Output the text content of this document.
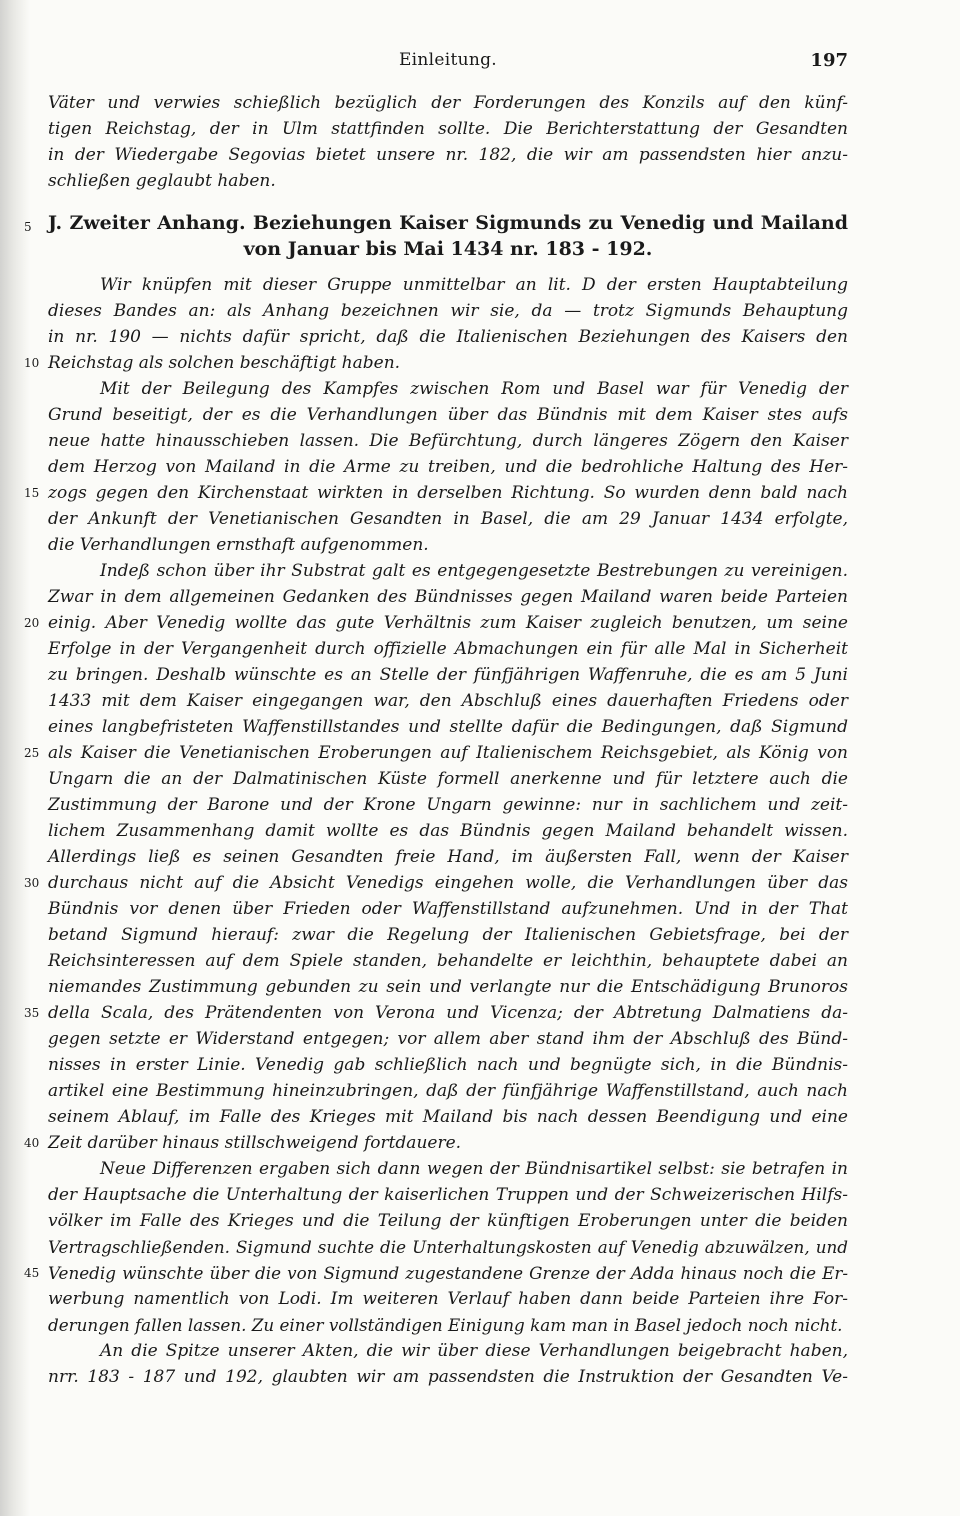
Einleitung.	197
Väter und verwies schießlich bezüglich der Forderungen des Konzils auf den künf-
tigen Reichstag, der in Ulm stattfinden sollte. Die Berichterstattung der Gesandten
in der Wiedergabe Segovias bietet unsere nr. 182, die wir am passendsten hier anzu-
schließen geglaubt haben.
5 J. Zweiter Anhang. Beziehungen Kaiser Sigmunds zu Venedig und Mailand
von Januar bis Mai 1434 nr. 183 - 192.
Wir knüpfen mit dieser Gruppe unmittelbar an lit. D der ersten Hauptabteilung
dieses Bandes an: als Anhang bezeichnen wir sie, da — trotz Sigmunds Behauptung
in nr. 190 — nichts dafür spricht, daß die Italienischen Beziehungen des Kaisers den
Reichstag als solchen beschäftigt haben.
10
Mit der Beilegung des Kampfes zwischen Rom und Basel war für Venedig der
Grund beseitigt, der es die Verhandlungen über das Bündnis mit dem Kaiser stes aufs
neue hatte hinausschieben lassen. Die Befürchtung, durch längeres Zögern den Kaiser
dem Herzog von Mailand in die Arme zu treiben, und die bedrohliche Haltung des Her-
zogs gegen den Kirchenstaat wirkten in derselben Richtung. So wurden denn bald nach
15
der Ankunft der Venetianischen Gesandten in Basel, die am 29 Januar 1434 erfolgte,
die Verhandlungen ernsthaft aufgenommen.
Indeß schon über ihr Substrat galt es entgegengesetzte Bestrebungen zu vereinigen.
Zwar in dem allgemeinen Gedanken des Bündnisses gegen Mailand waren beide Parteien
einig. Aber Venedig wollte das gute Verhältnis zum Kaiser zugleich benutzen, um seine
20
Erfolge in der Vergangenheit durch offizielle Abmachungen ein für alle Mal in Sicherheit
zu bringen. Deshalb wünschte es an Stelle der fünfjährigen Waffenruhe, die es am 5 Juni
1433 mit dem Kaiser eingegangen war, den Abschluß eines dauerhaften Friedens oder
eines langbefristeten Waffenstillstandes und stellte dafür die Bedingungen, daß Sigmund
als Kaiser die Venetianischen Eroberungen auf Italienischem Reichsgebiet, als König von
25
Ungarn die an der Dalmatinischen Küste formell anerkenne und für letztere auch die
Zustimmung der Barone und der Krone Ungarn gewinne: nur in sachlichem und zeit-
lichem Zusammenhang damit wollte es das Bündnis gegen Mailand behandelt wissen.
Allerdings ließ es seinen Gesandten freie Hand, im äußersten Fall, wenn der Kaiser
durchaus nicht auf die Absicht Venedigs eingehen wolle, die Verhandlungen über das
30
Bündnis vor denen über Frieden oder Waffenstillstand aufzunehmen. Und in der That
betand Sigmund hierauf: zwar die Regelung der Italienischen Gebietsfrage, bei der
Reichsinteressen auf dem Spiele standen, behandelte er leichthin, behauptete dabei an
niemandes Zustimmung gebunden zu sein und verlangte nur die Entschädigung Brunoros
della Scala, des Prätendenten von Verona und Vicenza; der Abtretung Dalmatiens da-
35
gegen setzte er Widerstand entgegen; vor allem aber stand ihm der Abschluß des Bünd-
nisses in erster Linie. Venedig gab schließlich nach und begnügte sich, in die Bündnis-
artikel eine Bestimmung hineinzubringen, daß der fünfjährige Waffenstillstand, auch nach
seinem Ablauf, im Falle des Krieges mit Mailand bis nach dessen Beendigung und eine
Zeit darüber hinaus stillschweigend fortdauere.
40
Neue Differenzen ergaben sich dann wegen der Bündnisartikel selbst: sie betrafen in
der Hauptsache die Unterhaltung der kaiserlichen Truppen und der Schweizerischen Hilfs-
völker im Falle des Krieges und die Teilung der künftigen Eroberungen unter die beiden
Vertragschließenden. Sigmund suchte die Unterhaltungskosten auf Venedig abzuwälzen, und
Venedig wünschte über die von Sigmund zugestandene Grenze der Adda hinaus noch die Er-
45
werbung namentlich von Lodi. Im weiteren Verlauf haben dann beide Parteien ihre For-
derungen fallen lassen. Zu einer vollständigen Einigung kam man in Basel jedoch noch nicht.
An die Spitze unserer Akten, die wir über diese Verhandlungen beigebracht haben,
nrr. 183 - 187 und 192, glaubten wir am passendsten die Instruktion der Gesandten Ve-
